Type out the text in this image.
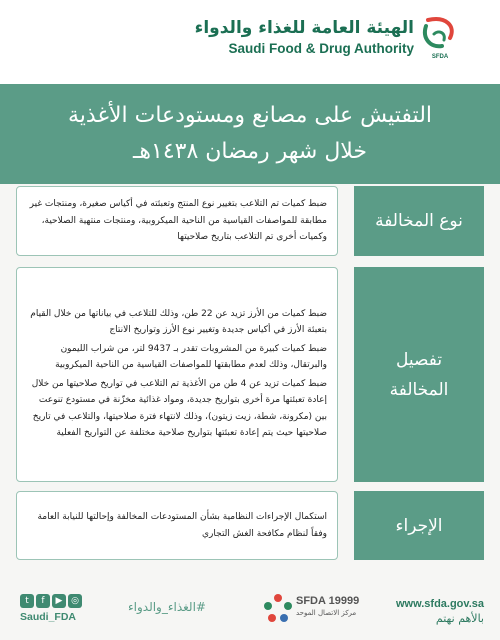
الهيئة العامة للغذاء والدواء
Saudi Food & Drug Authority
SFDA
التفتيش على مصانع ومستودعات الأغذية
خلال شهر رمضان ١٤٣٨هـ
نوع المخالفة

ضبط كميات تم التلاعب بتغيير نوع المنتج وتعبئته في أكياس صغيرة، ومنتجات غير مطابقة للمواصفات القياسية من الناحية الميكروبية، ومنتجات منتهية الصلاحية، وكميات أخرى تم التلاعب بتاريخ صلاحيتها

تفصيل
المخالفة

ضبط كميات من الأرز تزيد عن 22 طن، وذلك للتلاعب في بياناتها من خلال القيام بتعبئة الأرز في أكياس جديدة وتغيير نوع الأرز وتواريخ الانتاج

ضبط كميات كبيرة من المشروبات تقدر بـ 9437 لتر، من شراب الليمون والبرتقال، وذلك لعدم مطابقتها للمواصفات القياسية من الناحية الميكروبية

ضبط كميات تزيد عن 4 طن من الأغذية تم التلاعب في تواريخ صلاحيتها من خلال إعادة تعبئتها مرة أخرى بتواريخ جديدة، ومواد غذائية مخزّنة في مستودع تنوعت بين (مكرونة، شطة، زيت زيتون)، وذلك لانتهاء فترة صلاحيتها، والتلاعب في تاريخ صلاحيتها حيث يتم إعادة تعبئتها بتواريخ صلاحية مختلفة عن التواريخ الفعلية

الإجراء

استكمال الإجراءات النظامية بشأن المستودعات المخالفة وإحالتها للنيابة العامة وفقاً لنظام مكافحة الغش التجاري

t	f	▶ ◎
Saudi_FDA
#الغذاء_والدواء	SFDA 19999
مركز الاتصال الموحد
www.sfda.gov.sa
بالأهم نهتم
